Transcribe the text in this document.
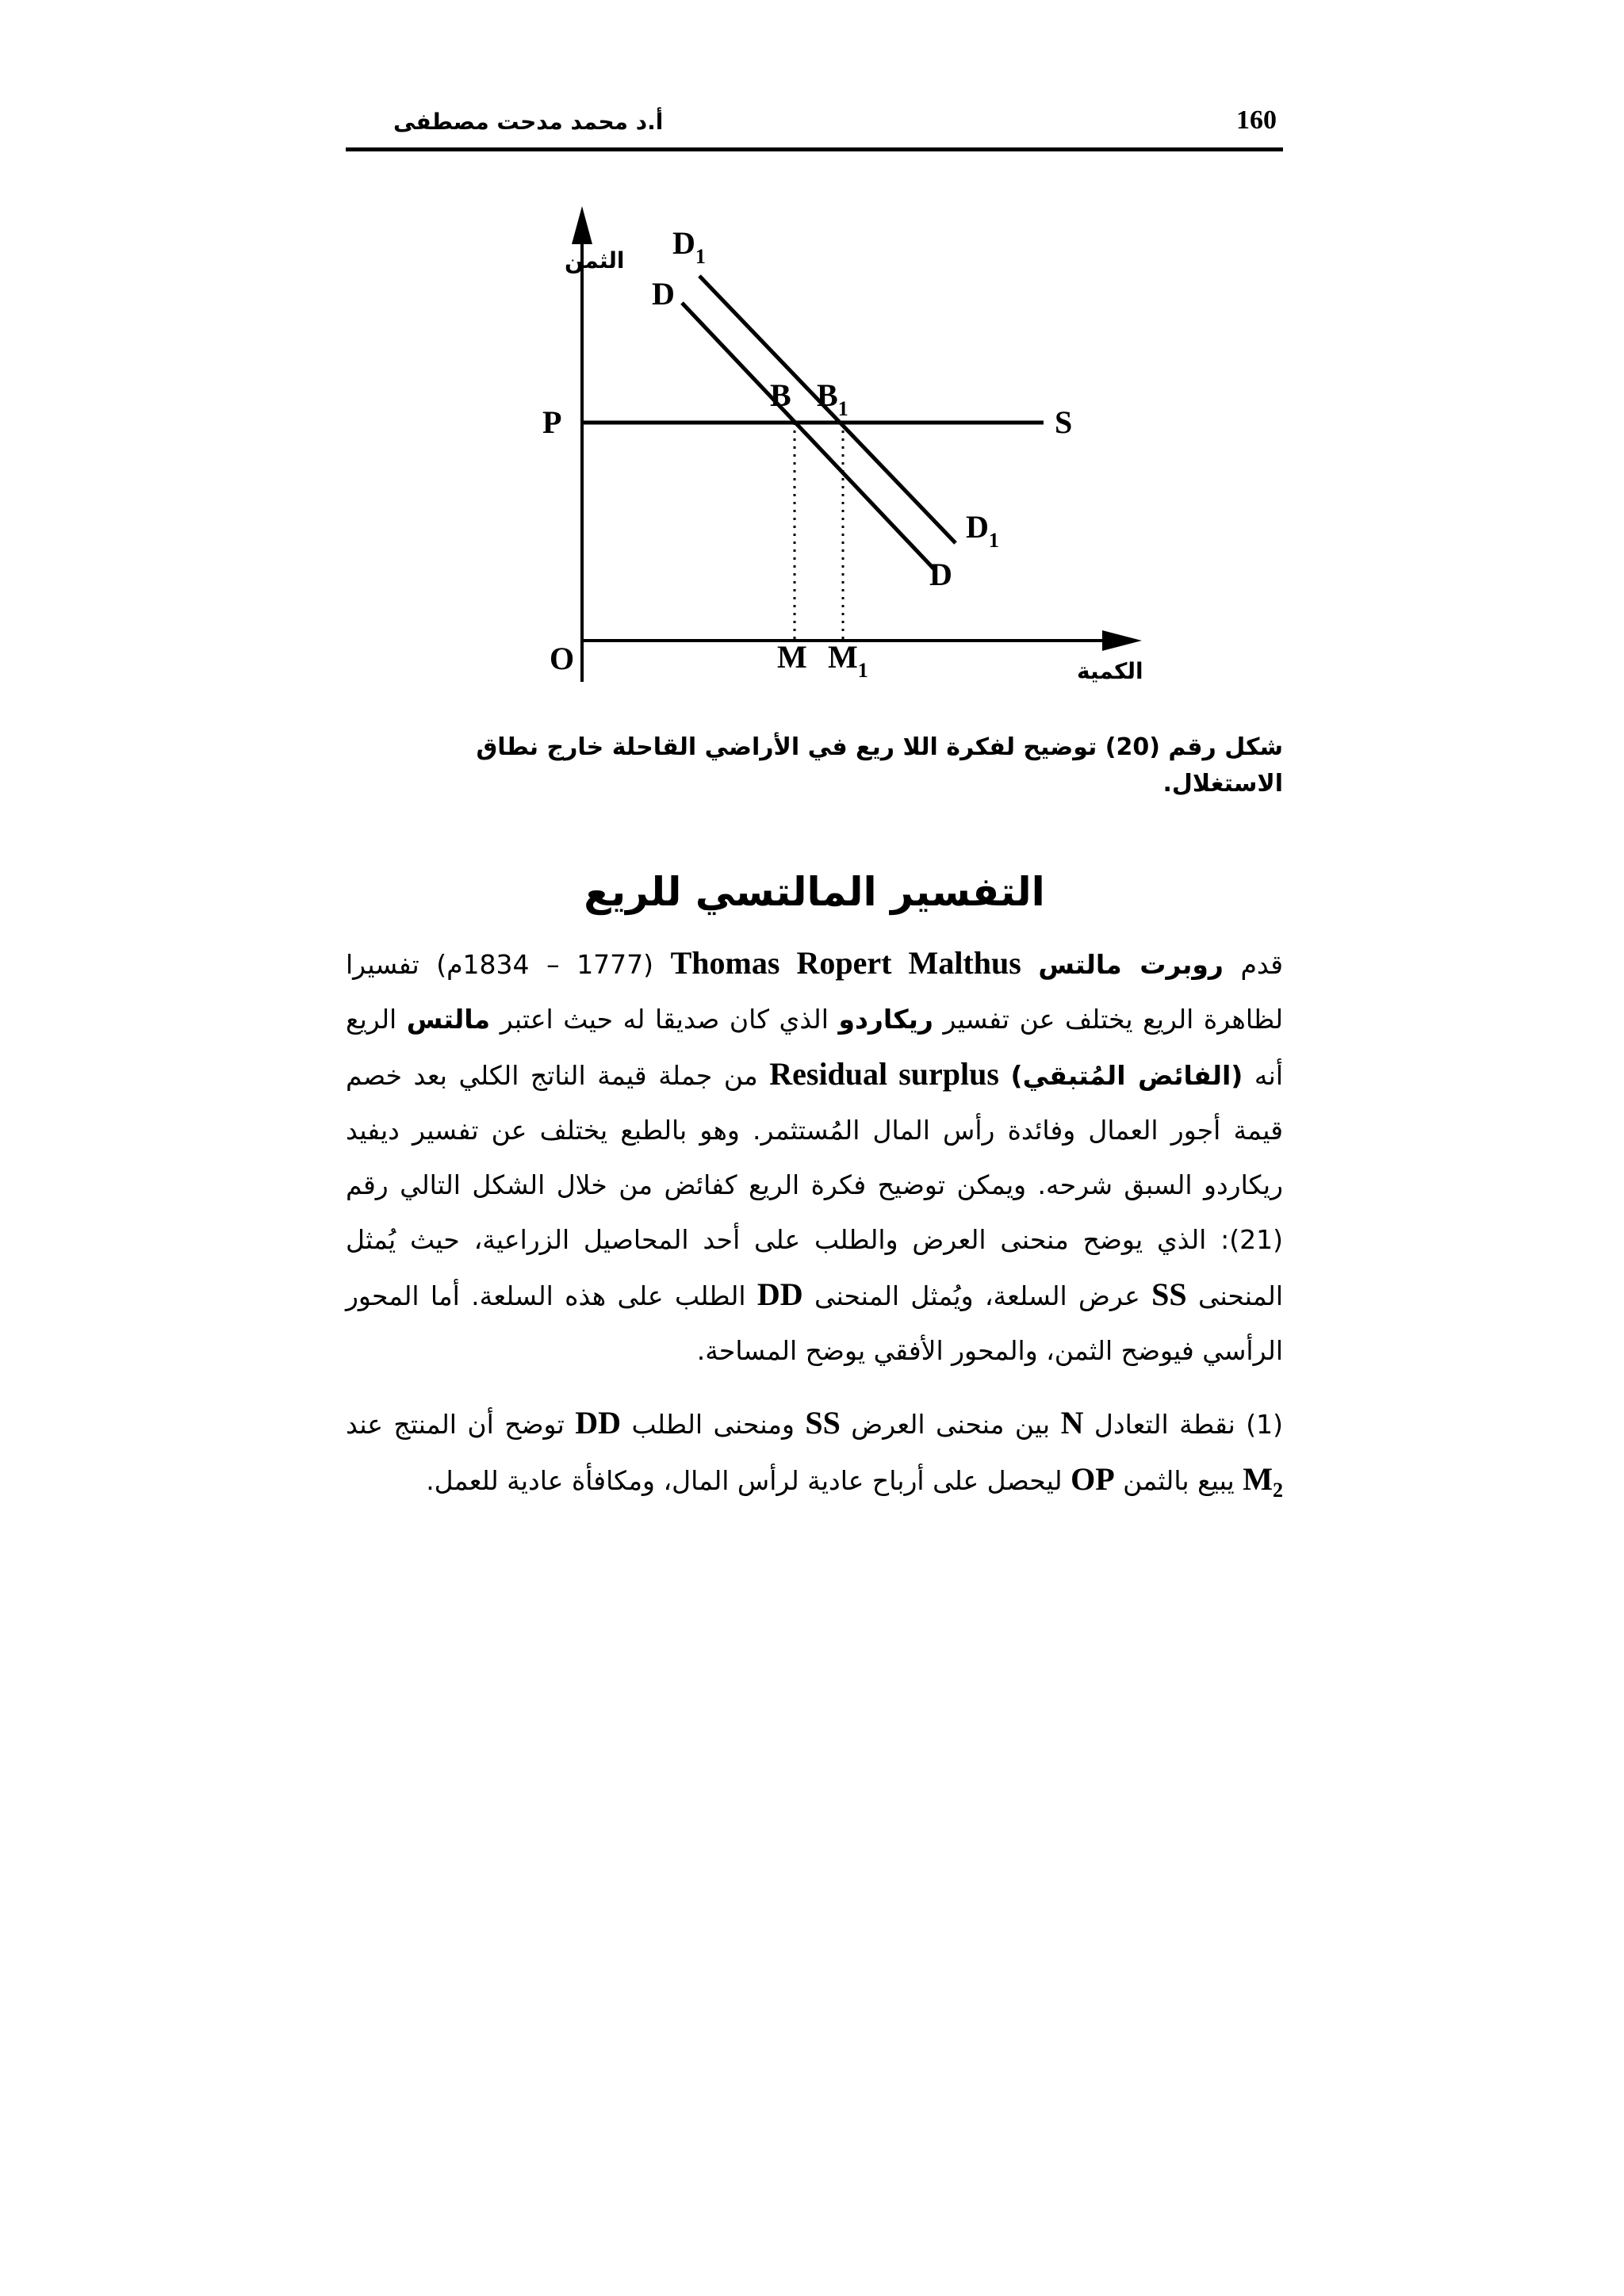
160
أ.د محمد مدحت مصطفى
الثمن
الكمية
$D_1$
D
B $B_1$
P	S
$D_1$
D
O	M $M_1$
شكل رقم (20) توضيح لفكرة اللا ريع في الأراضي القاحلة خارج نطاق الاستغلال.
التفسير المالتسي للريع

قدم روبرت مالتس Thomas Ropert Malthus (1777 – 1834م) تفسيرا لظاهرة الريع يختلف عن تفسير ريكاردو الذي كان صديقا له حيث اعتبر مالتس الريع أنه (الفائض المُتبقي) Residual surplus من جملة قيمة الناتج الكلي بعد خصم قيمة أجور العمال وفائدة رأس المال المُستثمر. وهو بالطبع يختلف عن تفسير ديفيد ريكاردو السبق شرحه. ويمكن توضيح فكرة الريع كفائض من خلال الشكل التالي رقم (21): الذي يوضح منحنى العرض والطلب على أحد المحاصيل الزراعية، حيث يُمثل المنحنى SS عرض السلعة، ويُمثل المنحنى DD الطلب على هذه السلعة. أما المحور الرأسي فيوضح الثمن، والمحور الأفقي يوضح المساحة.

(1) نقطة التعادل N بين منحنى العرض SS ومنحنى الطلب DD توضح أن المنتج عند $M_2$ يبيع بالثمن OP ليحصل على أرباح عادية لرأس المال، ومكافأة عادية للعمل.
